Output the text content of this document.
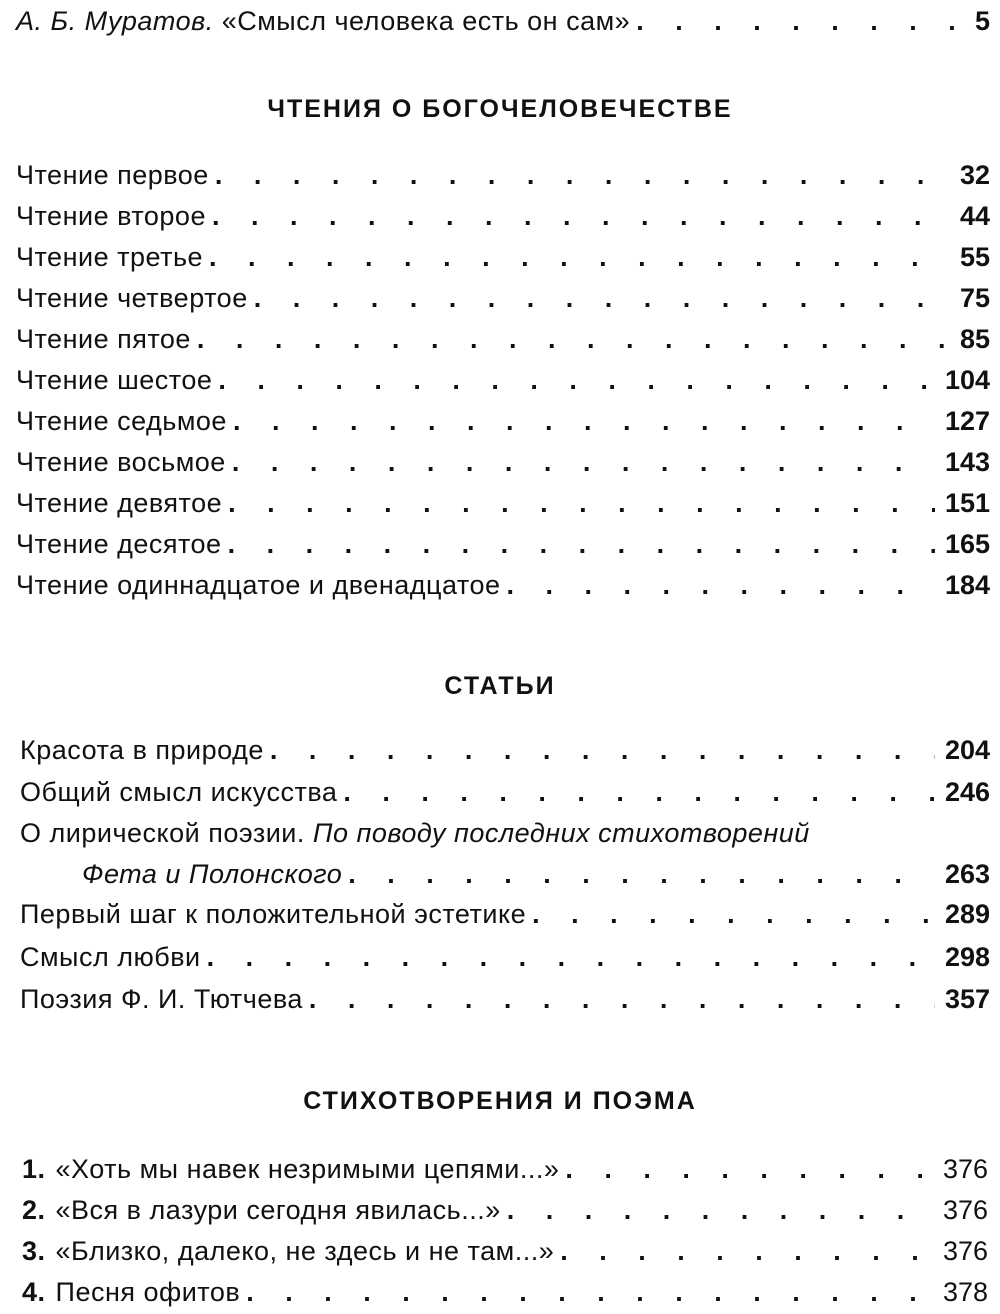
А. Б. Муратов. «Смысл человека есть он сам» . . .	5
ЧТЕНИЯ О БОГОЧЕЛОВЕЧЕСТВЕ
Чтение первое . . .	32
Чтение второе . . .	44
Чтение третье . . .	55
Чтение четвертое . . .	75
Чтение пятое . . .	85
Чтение шестое . . .	104
Чтение седьмое . . .	127
Чтение восьмое . . .	143
Чтение девятое . . .	151
Чтение десятое . . .	165
Чтение одиннадцатое и двенадцатое . . .	184
СТАТЬИ
Красота в природе . . .	204
Общий смысл искусства . . .	246
О лирической поэзии. По поводу последних стихотворений
Фета и Полонского . . .	263
Первый шаг к положительной эстетике . . .	289
Смысл любви . . .	298
Поэзия Ф. И. Тютчева . . .	357
СТИХОТВОРЕНИЯ И ПОЭМА
1. «Хоть мы навек незримыми цепями...» . . .	376
2. «Вся в лазури сегодня явилась...» . . .	376
3. «Близко, далеко, не здесь и не там...» . . .	376
4. Песня офитов . . .	378
